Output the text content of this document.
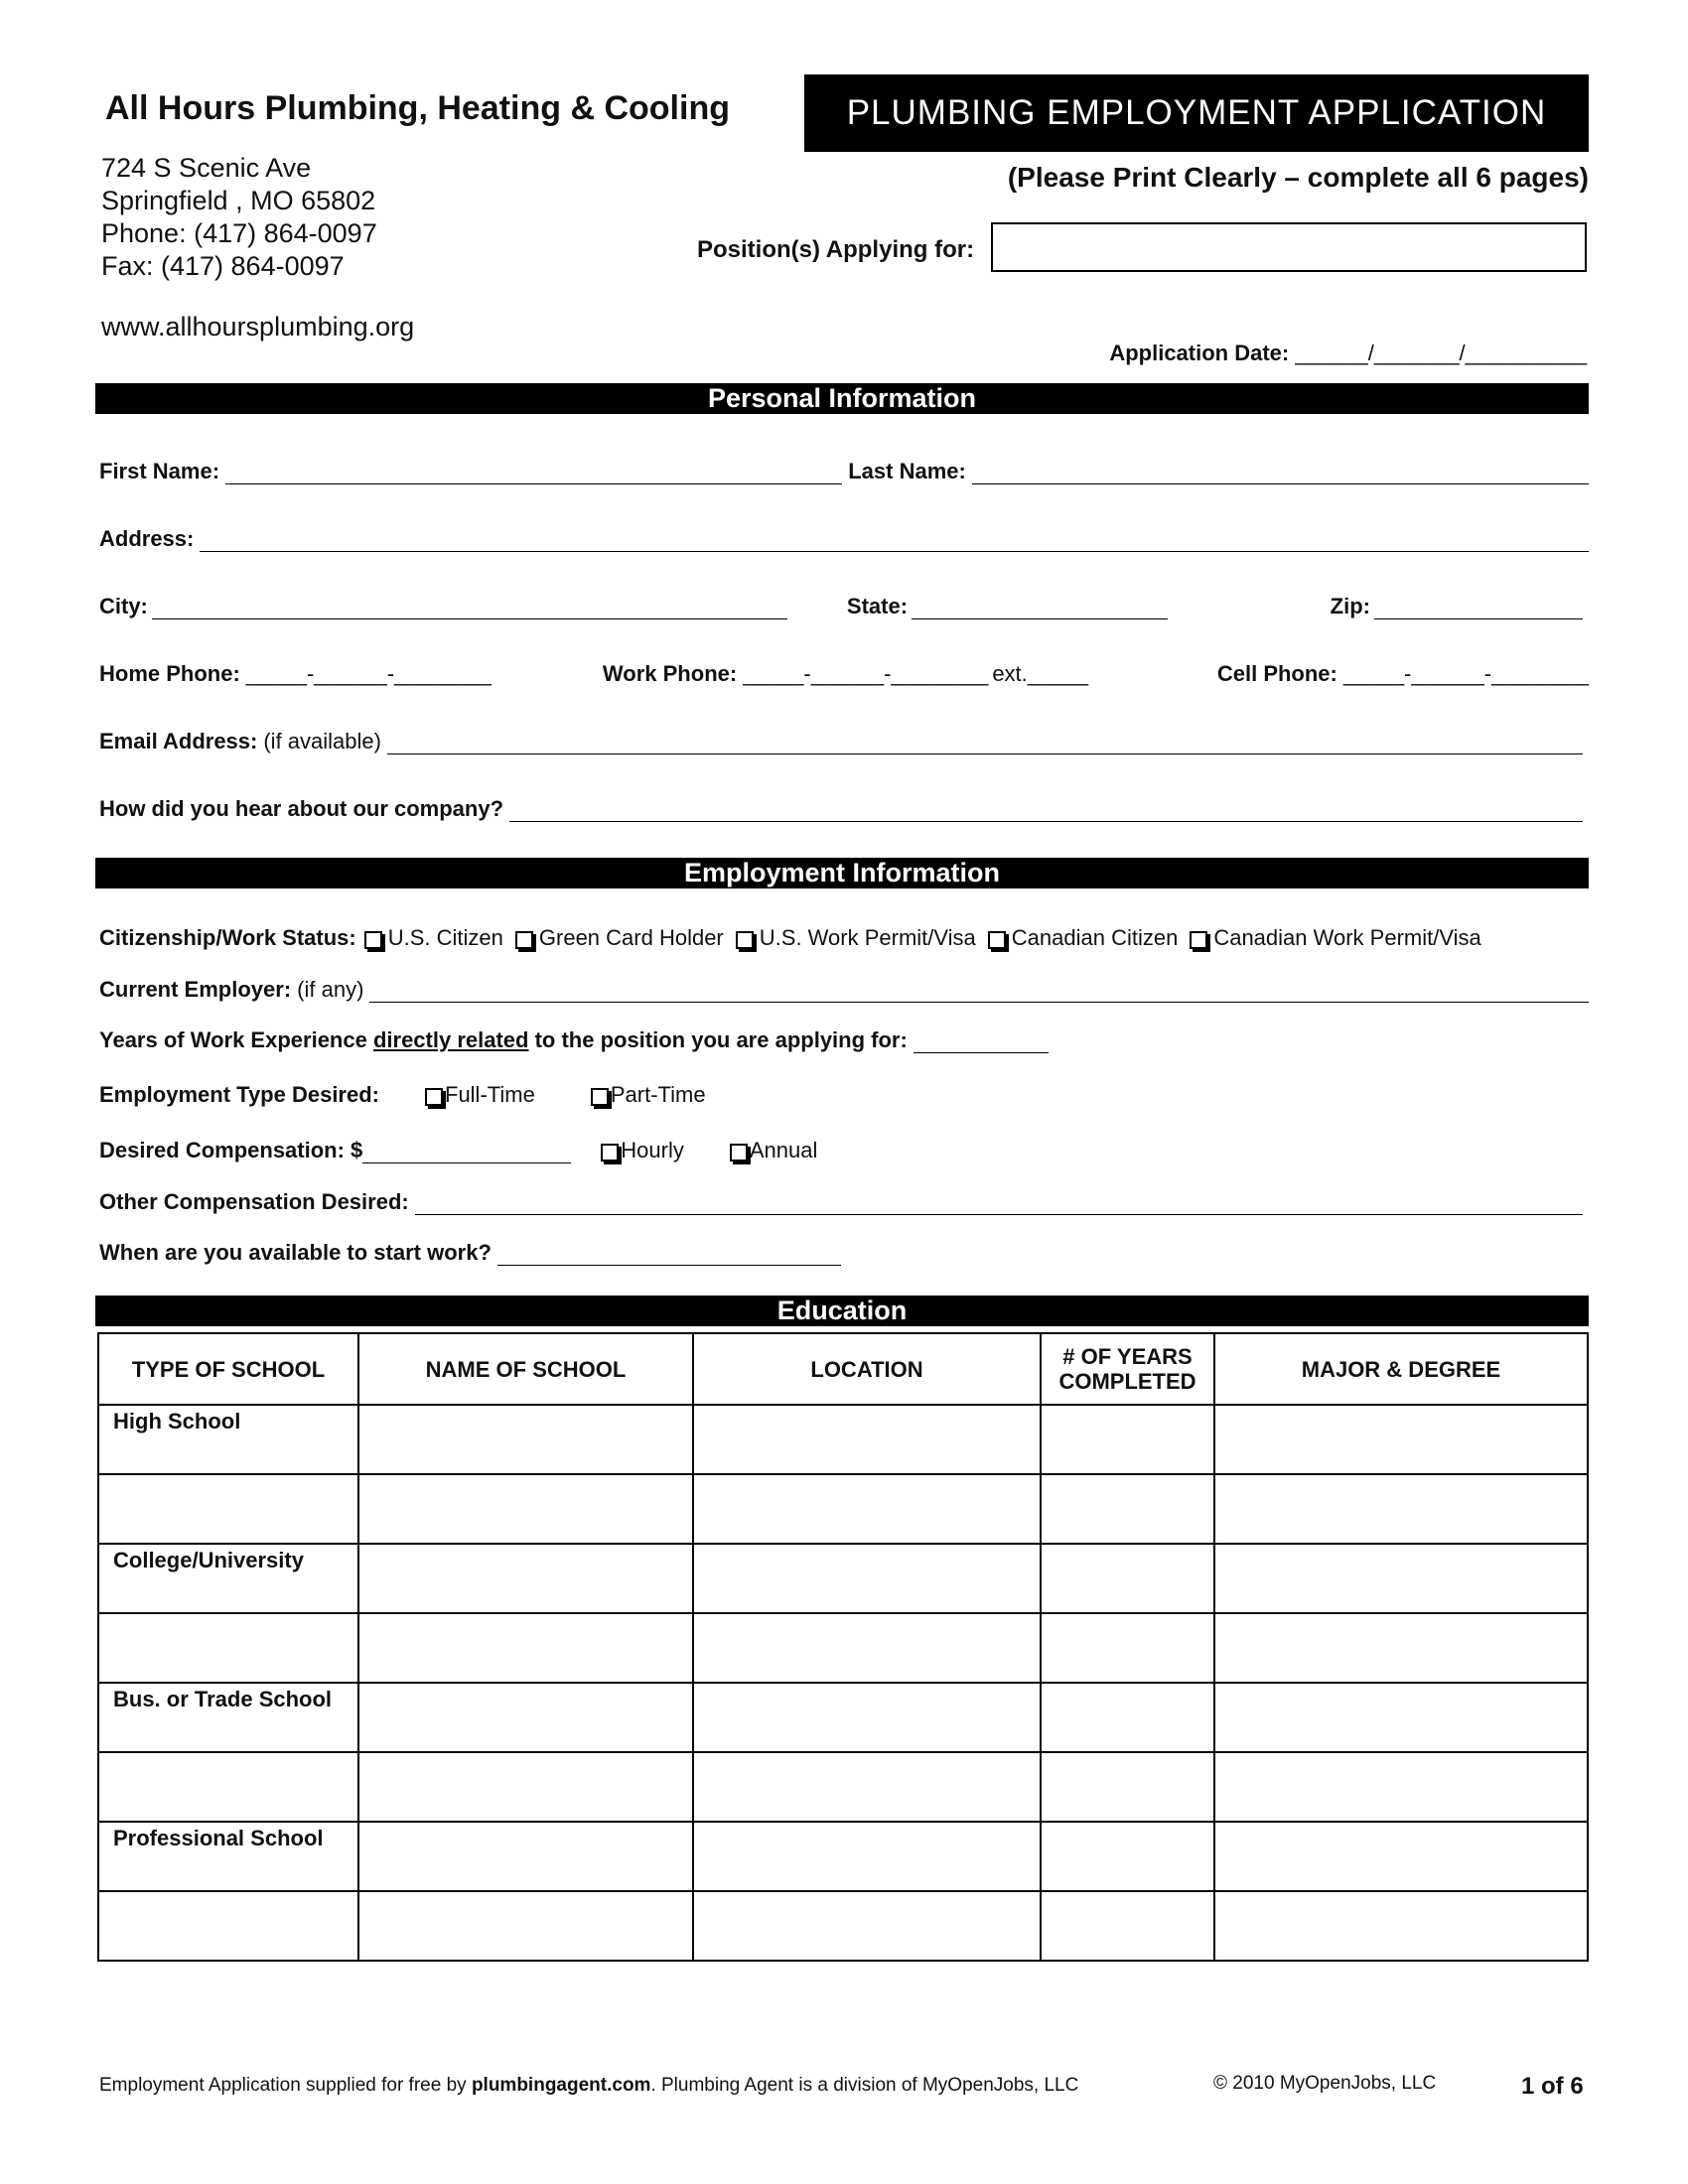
All Hours Plumbing, Heating & Cooling
724 S Scenic Ave
Springfield , MO 65802
Phone: (417) 864-0097
Fax: (417) 864-0097
www.allhoursplumbing.org
PLUMBING EMPLOYMENT APPLICATION
(Please Print Clearly – complete all 6 pages)
Position(s) Applying for:
Application Date: ______/_______/__________
Personal Information
First Name:	Last Name:
Address:
City:	State:	Zip:
Home Phone: _____-______-________	Work Phone: _____-______-________ ext._____	Cell Phone: _____-______-________
Email Address: (if available)
How did you hear about our company?
Employment Information
Citizenship/Work Status: U.S. Citizen Green Card Holder U.S. Work Permit/Visa Canadian Citizen Canadian Work Permit/Visa
Current Employer: (if any)
Years of Work Experience directly related to the position you are applying for:
Employment Type Desired:	Full-Time	Part-Time
Desired Compensation: $	Hourly	Annual
Other Compensation Desired:
When are you available to start work?
Education
TYPE OF SCHOOL	NAME OF SCHOOL	LOCATION	# OF YEARS COMPLETED	MAJOR & DEGREE

High School				

College/University				

Bus. or Trade School				

Professional School				

Employment Application supplied for free by plumbingagent.com. Plumbing Agent is a division of MyOpenJobs, LLC	© 2010 MyOpenJobs, LLC	1 of 6
